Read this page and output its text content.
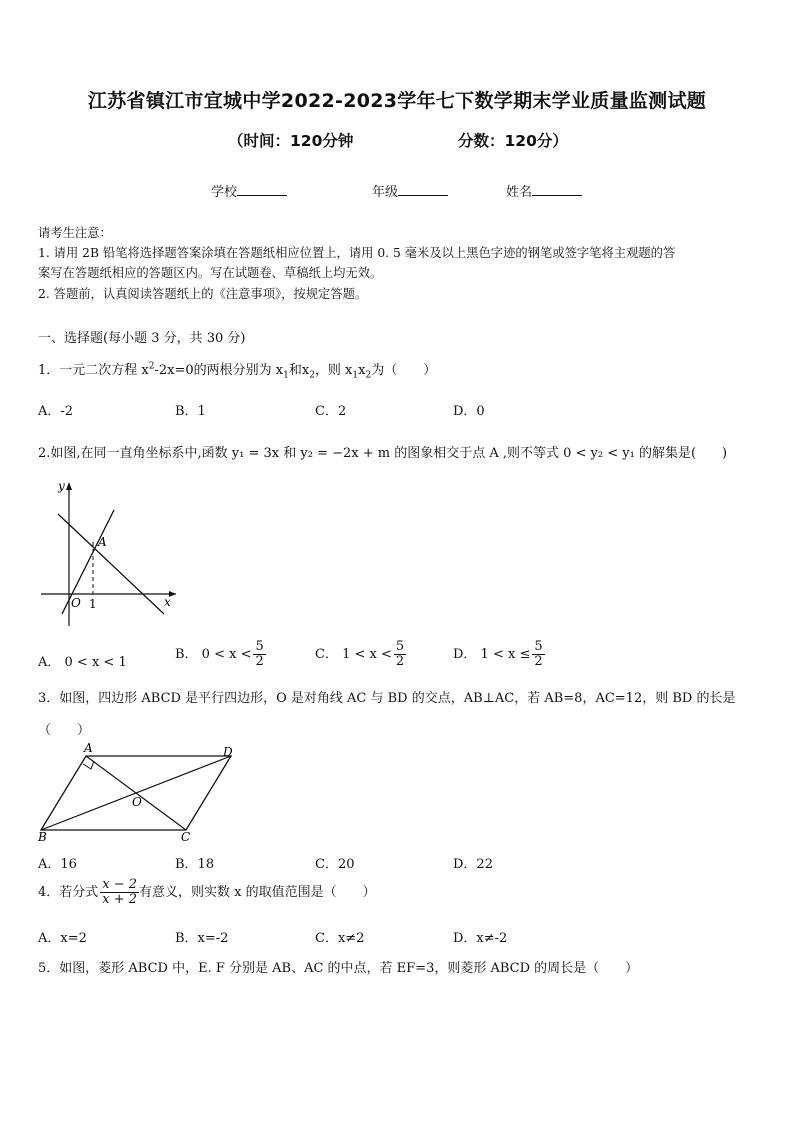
江苏省镇江市宜城中学2022-2023学年七下数学期末学业质量监测试题
（时间：120分钟	分数：120分）
学校	年级	姓名
请考生注意：
1. 请用 2B 铅笔将选择题答案涂填在答题纸相应位置上，请用 0. 5 毫米及以上黑色字迹的钢笔或签字笔将主观题的答
案写在答题纸相应的答题区内。写在试题卷、草稿纸上均无效。
2. 答题前，认真阅读答题纸上的《注意事项》，按规定答题。
一、选择题(每小题 3 分，共 30 分)
1．一元二次方程 $x^2-2x=0$的两根分别为 $x_1$和$x_2$，则 $x_1x_2$为（　　）
A．-2	B．1	C．2	D．0
2.如图,在同一直角坐标系中,函数 y₁ = 3x 和 y₂ = −2x + m 的图象相交于点 A ,则不等式 0 < y₂ < y₁ 的解集是(　　)
y
x
A
O 1
A． 0 < x < 1
B． $0 < x < \frac{5}{2}$	C． $1 < x < \frac{5}{2}$	D． $1 < x \le \frac{5}{2}$
3．如图，四边形 ABCD 是平行四边形，O 是对角线 AC 与 BD 的交点，AB⊥AC，若 AB=8，AC=12，则 BD 的长是
（　　）
A	D
B	C
O
A．16	B．18	C．20	D．22
4．若分式 $\frac{x - 2}{x + 2}$ 有意义，则实数 x 的取值范围是（　　）
A．x=2	B．x=-2	C．x≠2	D．x≠-2
5．如图，菱形 ABCD 中，E. F 分别是 AB、AC 的中点，若 EF=3，则菱形 ABCD 的周长是（　　）
